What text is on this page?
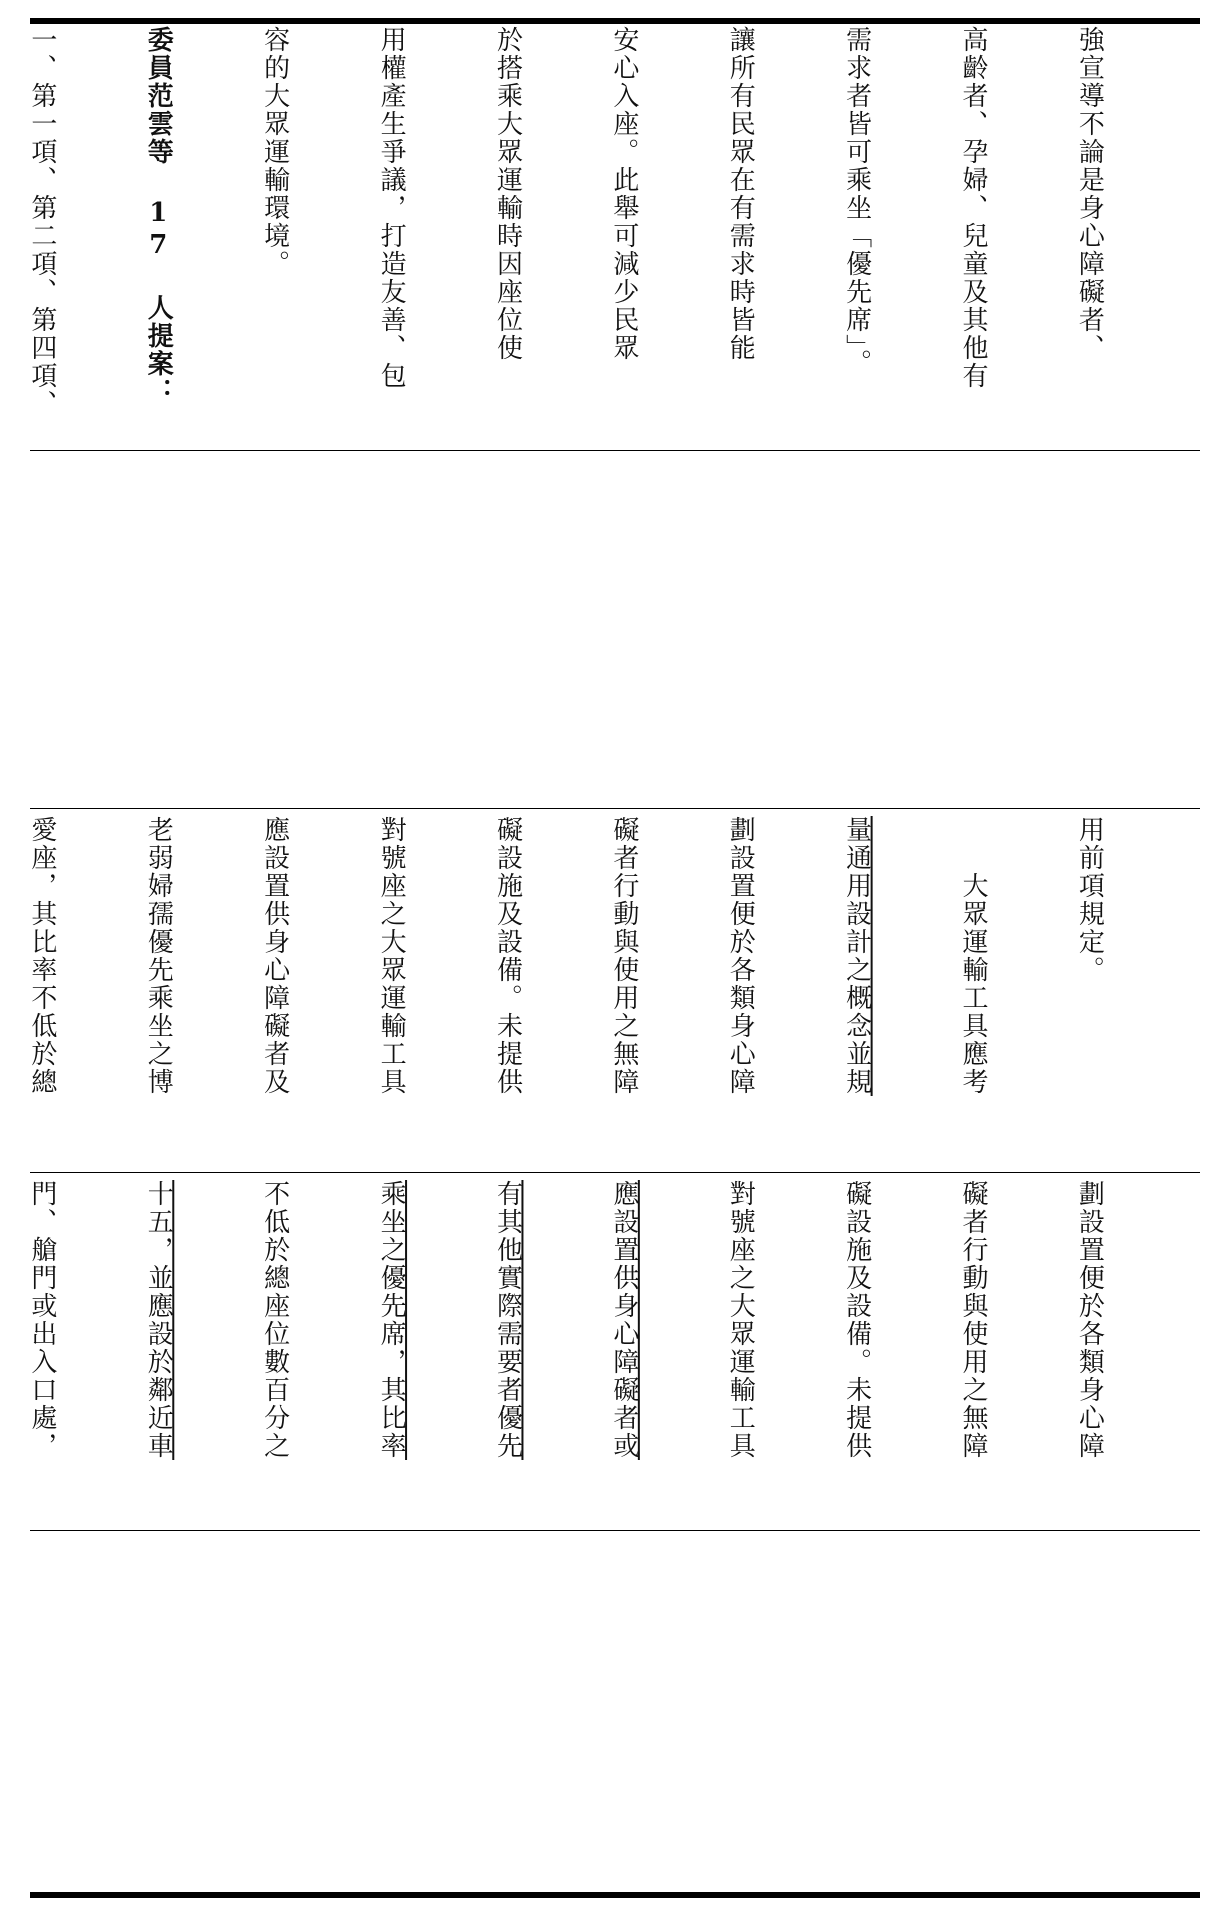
強宣導不論是身心障礙者、

高齡者、孕婦、兒童及其他有

需求者皆可乘坐「優先席」。

讓所有民眾在有需求時皆能

安心入座。此舉可減少民眾

於搭乘大眾運輸時因座位使

用權產生爭議，打造友善、包

容的大眾運輸環境。

委員范雲等 17 人提案：

一、第一項、第二項、第四項、

用前項規定。

　　大眾運輸工具應考

量通用設計之概念並規

劃設置便於各類身心障

礙者行動與使用之無障

礙設施及設備。未提供

對號座之大眾運輸工具

應設置供身心障礙者及

老弱婦孺優先乘坐之博

愛座，其比率不低於總

劃設置便於各類身心障

礙者行動與使用之無障

礙設施及設備。未提供

對號座之大眾運輸工具

應設置供身心障礙者或

有其他實際需要者優先

乘坐之優先席，其比率

不低於總座位數百分之

十五，並應設於鄰近車

門、艙門或出入口處，
